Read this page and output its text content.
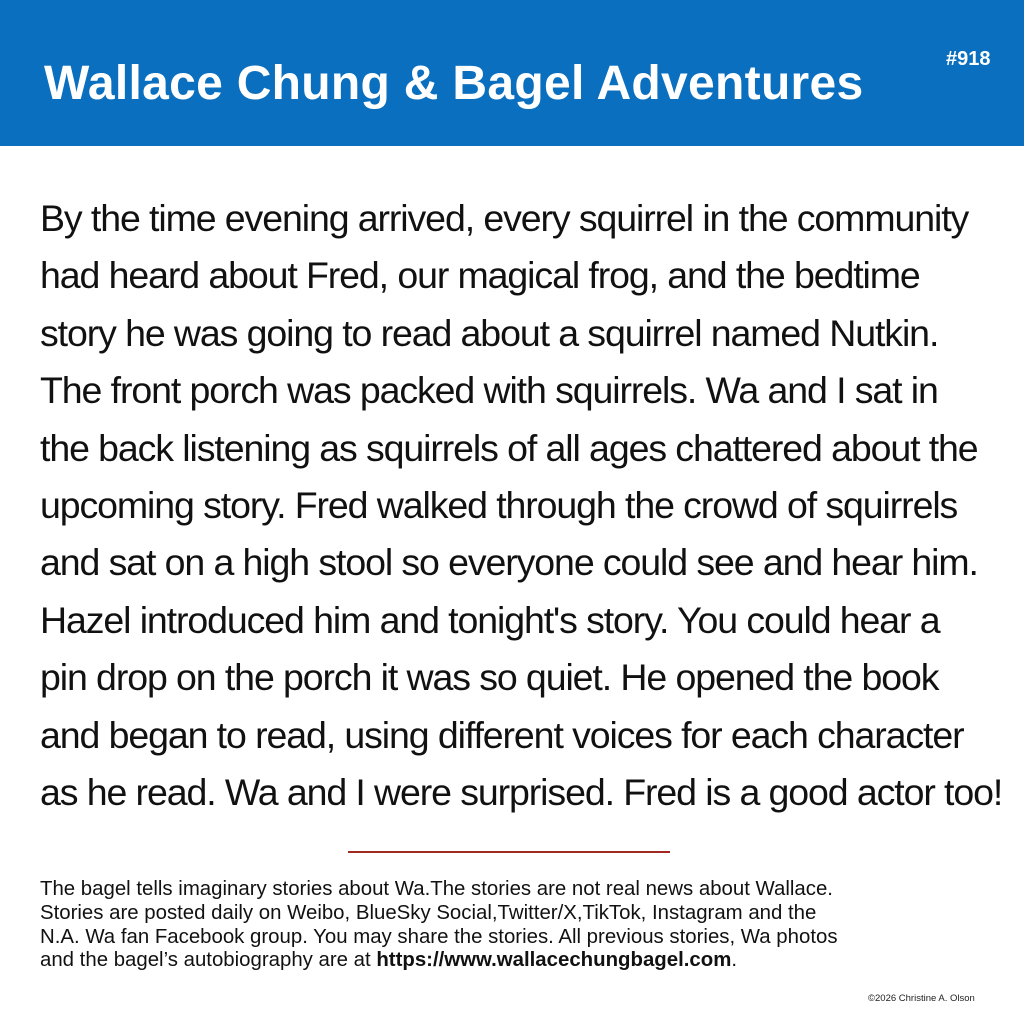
Wallace Chung & Bagel Adventures	#918
By the time evening arrived, every squirrel in the community
had heard about Fred, our magical frog, and the bedtime
story he was going to read about a squirrel named Nutkin.
The front porch was packed with squirrels. Wa and I sat in
the back listening as squirrels of all ages chattered about the
upcoming story. Fred walked through the crowd of squirrels
and sat on a high stool so everyone could see and hear him.
Hazel introduced him and tonight's story. You could hear a
pin drop on the porch it was so quiet. He opened the book
and began to read, using different voices for each character
as he read. Wa and I were surprised. Fred is a good actor too!
The bagel tells imaginary stories about Wa.The stories are not real news about Wallace.
Stories are posted daily on Weibo, BlueSky Social,Twitter/X,TikTok, Instagram and the
N.A. Wa fan Facebook group. You may share the stories. All previous stories, Wa photos
and the bagel’s autobiography are at https://www.wallacechungbagel.com.
©2026 Christine A. Olson
